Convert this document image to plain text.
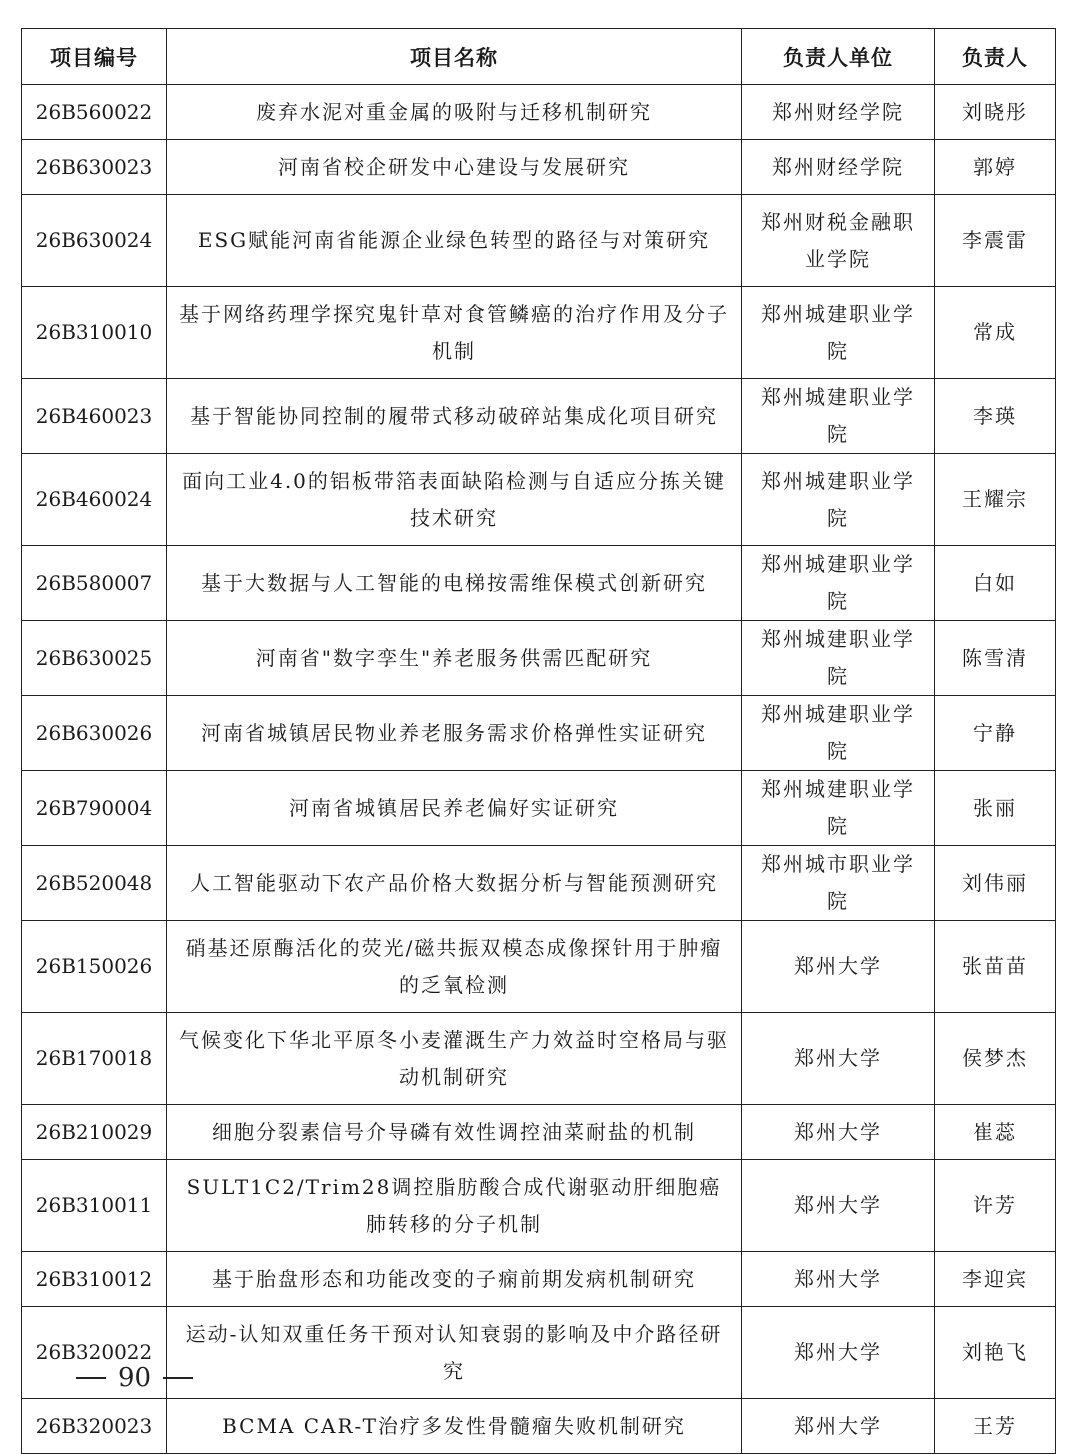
项目编号	项目名称	负责人单位	负责人
26B560022	废弃水泥对重金属的吸附与迁移机制研究	郑州财经学院	刘晓彤
26B630023	河南省校企研发中心建设与发展研究	郑州财经学院	郭婷
26B630024	ESG赋能河南省能源企业绿色转型的路径与对策研究	郑州财税金融职业学院	李震雷
26B310010	基于网络药理学探究鬼针草对食管鳞癌的治疗作用及分子机制	郑州城建职业学院	常成
26B460023	基于智能协同控制的履带式移动破碎站集成化项目研究	郑州城建职业学院	李瑛
26B460024	面向工业4.0的铝板带箔表面缺陷检测与自适应分拣关键技术研究	郑州城建职业学院	王耀宗
26B580007	基于大数据与人工智能的电梯按需维保模式创新研究	郑州城建职业学院	白如
26B630025	河南省"数字孪生"养老服务供需匹配研究	郑州城建职业学院	陈雪清
26B630026	河南省城镇居民物业养老服务需求价格弹性实证研究	郑州城建职业学院	宁静
26B790004	河南省城镇居民养老偏好实证研究	郑州城建职业学院	张丽
26B520048	人工智能驱动下农产品价格大数据分析与智能预测研究	郑州城市职业学院	刘伟丽
26B150026	硝基还原酶活化的荧光/磁共振双模态成像探针用于肿瘤的乏氧检测	郑州大学	张苗苗
26B170018	气候变化下华北平原冬小麦灌溉生产力效益时空格局与驱动机制研究	郑州大学	侯梦杰
26B210029	细胞分裂素信号介导磷有效性调控油菜耐盐的机制	郑州大学	崔蕊
26B310011	SULT1C2/Trim28调控脂肪酸合成代谢驱动肝细胞癌肺转移的分子机制	郑州大学	许芳
26B310012	基于胎盘形态和功能改变的子痫前期发病机制研究	郑州大学	李迎宾
26B320022	运动-认知双重任务干预对认知衰弱的影响及中介路径研究	郑州大学	刘艳飞
26B320023	BCMA CAR-T治疗多发性骨髓瘤失败机制研究	郑州大学	王芳
90
